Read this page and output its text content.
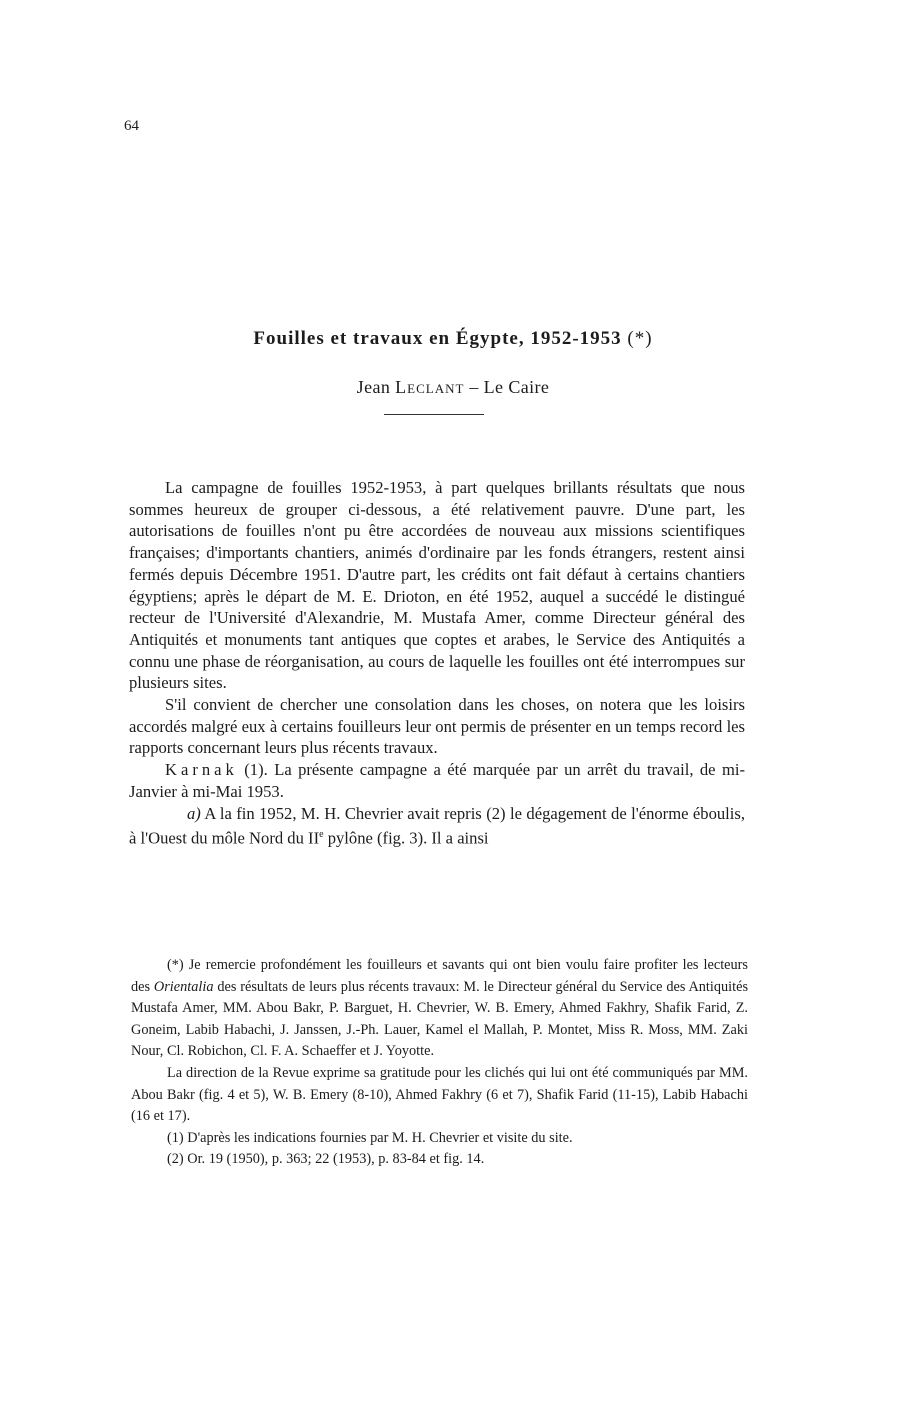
64
Fouilles et travaux en Égypte, 1952-1953 (*)
Jean Leclant – Le Caire

La campagne de fouilles 1952-1953, à part quelques brillants résultats que nous sommes heureux de grouper ci-dessous, a été relativement pauvre. D'une part, les autorisations de fouilles n'ont pu être accordées de nouveau aux missions scientifiques françaises; d'importants chantiers, animés d'ordinaire par les fonds étrangers, restent ainsi fermés depuis Décembre 1951. D'autre part, les crédits ont fait défaut à certains chantiers égyptiens; après le départ de M. E. Drioton, en été 1952, auquel a succédé le distingué recteur de l'Université d'Alexandrie, M. Mustafa Amer, comme Directeur général des Antiquités et monuments tant antiques que coptes et arabes, le Service des Antiquités a connu une phase de réorganisation, au cours de laquelle les fouilles ont été interrompues sur plusieurs sites.

S'il convient de chercher une consolation dans les choses, on notera que les loisirs accordés malgré eux à certains fouilleurs leur ont permis de présenter en un temps record les rapports concernant leurs plus récents travaux.

Karnak (1). La présente campagne a été marquée par un arrêt du travail, de mi-Janvier à mi-Mai 1953.

a) A la fin 1952, M. H. Chevrier avait repris (2) le dégagement de l'énorme éboulis, à l'Ouest du môle Nord du IIe pylône (fig. 3). Il a ainsi

(*) Je remercie profondément les fouilleurs et savants qui ont bien voulu faire profiter les lecteurs des Orientalia des résultats de leurs plus récents travaux: M. le Directeur général du Service des Antiquités Mustafa Amer, MM. Abou Bakr, P. Barguet, H. Chevrier, W. B. Emery, Ahmed Fakhry, Shafik Farid, Z. Goneim, Labib Habachi, J. Janssen, J.-Ph. Lauer, Kamel el Mallah, P. Montet, Miss R. Moss, MM. Zaki Nour, Cl. Robichon, Cl. F. A. Schaeffer et J. Yoyotte.

La direction de la Revue exprime sa gratitude pour les clichés qui lui ont été communiqués par MM. Abou Bakr (fig. 4 et 5), W. B. Emery (8-10), Ahmed Fakhry (6 et 7), Shafik Farid (11-15), Labib Habachi (16 et 17).

(1) D'après les indications fournies par M. H. Chevrier et visite du site.

(2) Or. 19 (1950), p. 363; 22 (1953), p. 83-84 et fig. 14.
